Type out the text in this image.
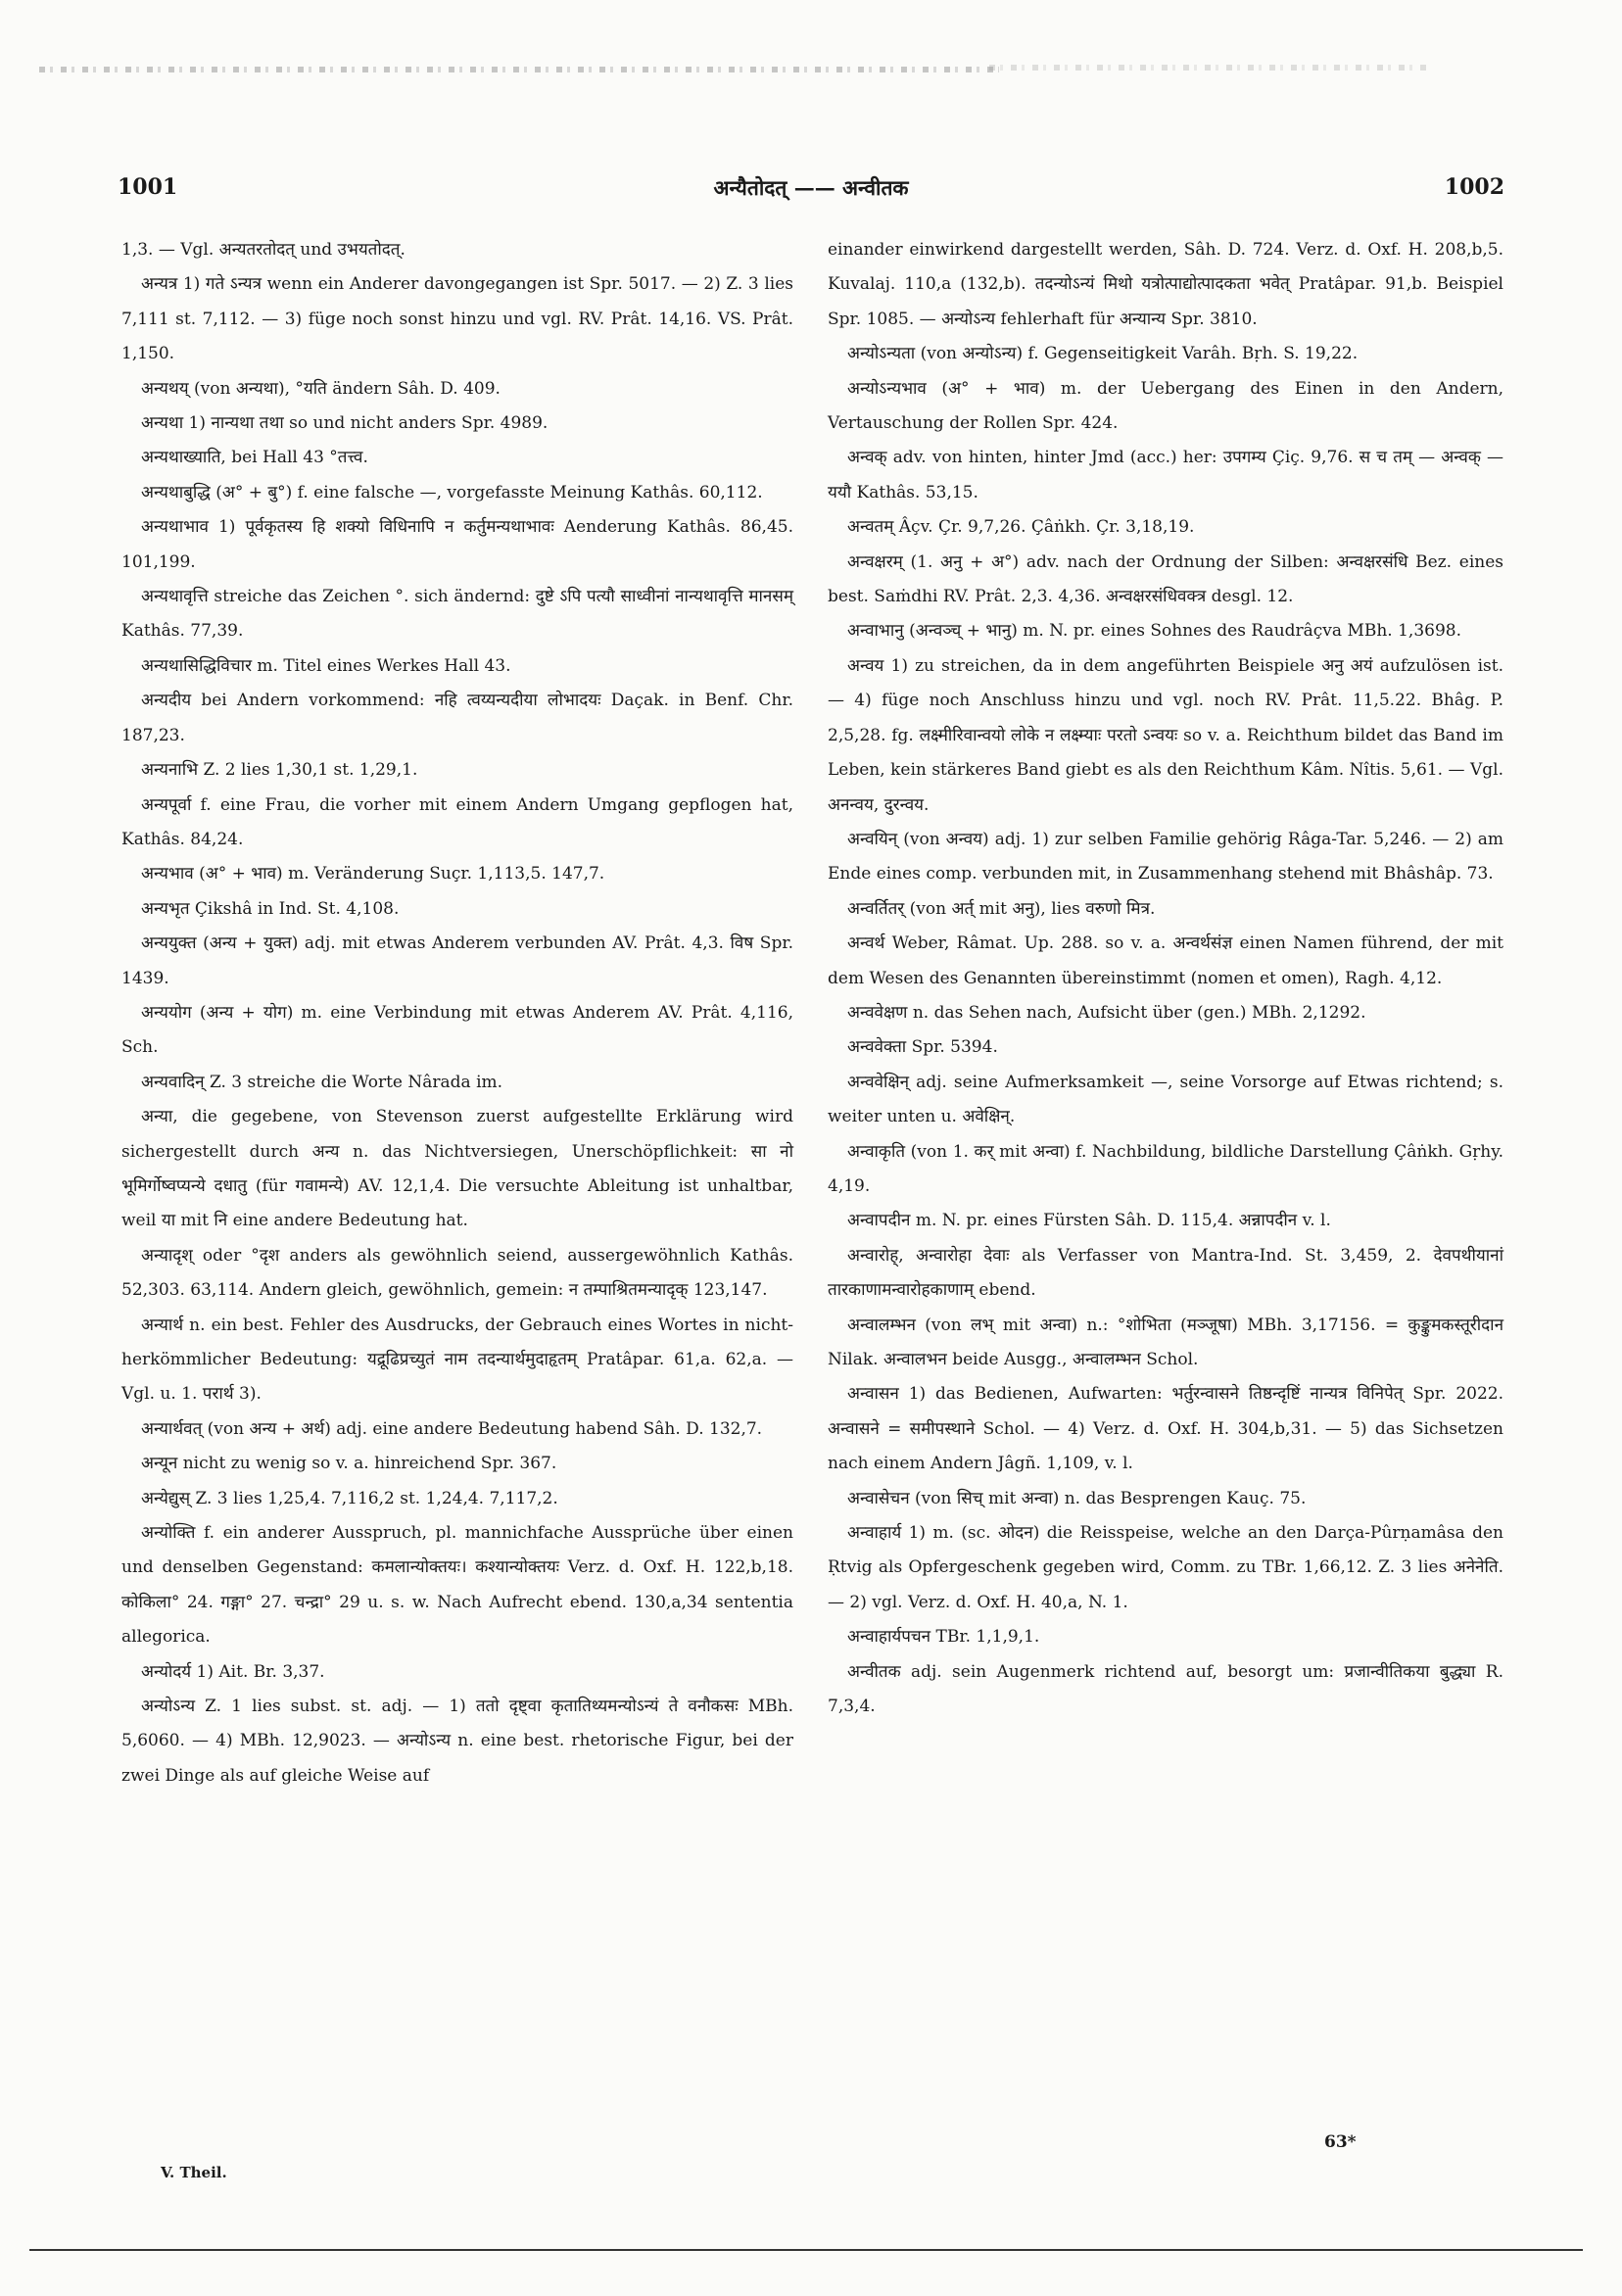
1001	अन्यैतोदत् —— अन्वीतक	1002

1,3. — Vgl. अन्यतरतोदत् und उभयतोदत्.

अन्यत्र 1) गते ऽन्यत्र wenn ein Anderer davongegangen ist Spr. 5017. — 2) Z. 3 lies 7,111 st. 7,112. — 3) füge noch sonst hinzu und vgl. RV. Prât. 14,16. VS. Prât. 1,150.

अन्यथय् (von अन्यथा), °यति ändern Sâh. D. 409.

अन्यथा 1) नान्यथा तथा so und nicht anders Spr. 4989.

अन्यथाख्याति, bei Hall 43 °तत्त्व.

अन्यथाबुद्धि (अ° + बु°) f. eine falsche —, vorgefasste Meinung Kathâs. 60,112.

अन्यथाभाव 1) पूर्वकृतस्य हि शक्यो विधिनापि न कर्तुमन्यथाभावः Aenderung Kathâs. 86,45. 101,199.

अन्यथावृत्ति streiche das Zeichen °. sich ändernd: दुष्टे ऽपि पत्यौ साध्वीनां नान्यथावृत्ति मानसम् Kathâs. 77,39.

अन्यथासिद्धिविचार m. Titel eines Werkes Hall 43.

अन्यदीय bei Andern vorkommend: नहि त्वय्यन्यदीया लोभादयः Daçak. in Benf. Chr. 187,23.

अन्यनाभि Z. 2 lies 1,30,1 st. 1,29,1.

अन्यपूर्वा f. eine Frau, die vorher mit einem Andern Umgang gepflogen hat, Kathâs. 84,24.

अन्यभाव (अ° + भाव) m. Veränderung Suçr. 1,113,5. 147,7.

अन्यभृत Çikshâ in Ind. St. 4,108.

अन्ययुक्त (अन्य + युक्त) adj. mit etwas Anderem verbunden AV. Prât. 4,3. विष Spr. 1439.

अन्ययोग (अन्य + योग) m. eine Verbindung mit etwas Anderem AV. Prât. 4,116, Sch.

अन्यवादिन् Z. 3 streiche die Worte Nârada im.

अन्या, die gegebene, von Stevenson zuerst aufgestellte Erklärung wird sichergestellt durch अन्य n. das Nichtversiegen, Unerschöpflichkeit: सा नो भूमिर्गोष्वप्यन्ये दधातु (für गवामन्ये) AV. 12,1,4. Die versuchte Ableitung ist unhaltbar, weil या mit नि eine andere Bedeutung hat.

अन्यादृश् oder °दृश anders als gewöhnlich seiend, aussergewöhnlich Kathâs. 52,303. 63,114. Andern gleich, gewöhnlich, gemein: न तम्पाश्रितमन्यादृक् 123,147.

अन्यार्थ n. ein best. Fehler des Ausdrucks, der Gebrauch eines Wortes in nicht-herkömmlicher Bedeutung: यद्रूढिप्रच्युतं नाम तदन्यार्थमुदाहृतम् Pratâpar. 61,a. 62,a. — Vgl. u. 1. परार्थ 3).

अन्यार्थवत् (von अन्य + अर्थ) adj. eine andere Bedeutung habend Sâh. D. 132,7.

अन्यून nicht zu wenig so v. a. hinreichend Spr. 367.

अन्येद्युस् Z. 3 lies 1,25,4. 7,116,2 st. 1,24,4. 7,117,2.

अन्योक्ति f. ein anderer Ausspruch, pl. mannichfache Aussprüche über einen und denselben Gegenstand: कमलान्योक्तयः। कश्यान्योक्तयः Verz. d. Oxf. H. 122,b,18. कोकिला° 24. गङ्गा° 27. चन्द्रा° 29 u. s. w. Nach Aufrecht ebend. 130,a,34 sententia allegorica.

अन्योदर्य 1) Ait. Br. 3,37.

अन्योऽन्य Z. 1 lies subst. st. adj. — 1) ततो दृष्ट्वा कृतातिथ्यमन्योऽन्यं ते वनौकसः MBh. 5,6060. — 4) MBh. 12,9023. — अन्योऽन्य n. eine best. rhetorische Figur, bei der zwei Dinge als auf gleiche Weise auf

einander einwirkend dargestellt werden, Sâh. D. 724. Verz. d. Oxf. H. 208,b,5. Kuvalaj. 110,a (132,b). तदन्योऽन्यं मिथो यत्रोत्पाद्योत्पादकता भवेत् Pratâpar. 91,b. Beispiel Spr. 1085. — अन्योऽन्य fehlerhaft für अन्यान्य Spr. 3810.

अन्योऽन्यता (von अन्योऽन्य) f. Gegenseitigkeit Varâh. Bṛh. S. 19,22.

अन्योऽन्यभाव (अ° + भाव) m. der Uebergang des Einen in den Andern, Vertauschung der Rollen Spr. 424.

अन्वक् adv. von hinten, hinter Jmd (acc.) her: उपगम्य Çiç. 9,76. स च तम् — अन्वक् — ययौ Kathâs. 53,15.

अन्वतम् Âçv. Çr. 9,7,26. Çâṅkh. Çr. 3,18,19.

अन्वक्षरम् (1. अनु + अ°) adv. nach der Ordnung der Silben: अन्वक्षरसंधि Bez. eines best. Saṁdhi RV. Prât. 2,3. 4,36. अन्वक्षरसंधिवक्त्र desgl. 12.

अन्वाभानु (अन्वञ्च् + भानु) m. N. pr. eines Sohnes des Raudrâçva MBh. 1,3698.

अन्वय 1) zu streichen, da in dem angeführten Beispiele अनु अयं aufzulösen ist. — 4) füge noch Anschluss hinzu und vgl. noch RV. Prât. 11,5.22. Bhâg. P. 2,5,28. fg. लक्ष्मीरिवान्वयो लोके न लक्ष्म्याः परतो ऽन्वयः so v. a. Reichthum bildet das Band im Leben, kein stärkeres Band giebt es als den Reichthum Kâm. Nîtis. 5,61. — Vgl. अनन्वय, दुरन्वय.

अन्वयिन् (von अन्वय) adj. 1) zur selben Familie gehörig Râga-Tar. 5,246. — 2) am Ende eines comp. verbunden mit, in Zusammenhang stehend mit Bhâshâp. 73.

अन्वर्तितर् (von अर्त् mit अनु), lies वरुणो मित्र.

अन्वर्थ Weber, Râmat. Up. 288. so v. a. अन्वर्थसंज्ञ einen Namen führend, der mit dem Wesen des Genannten übereinstimmt (nomen et omen), Ragh. 4,12.

अन्ववेक्षण n. das Sehen nach, Aufsicht über (gen.) MBh. 2,1292.

अन्ववेक्ता Spr. 5394.

अन्ववेक्षिन् adj. seine Aufmerksamkeit —, seine Vorsorge auf Etwas richtend; s. weiter unten u. अवेक्षिन्.

अन्वाकृति (von 1. कर् mit अन्वा) f. Nachbildung, bildliche Darstellung Çâṅkh. Gṛhy. 4,19.

अन्वापदीन m. N. pr. eines Fürsten Sâh. D. 115,4. अन्नापदीन v. l.

अन्वारोह्, अन्वारोहा देवाः als Verfasser von Mantra-Ind. St. 3,459, 2. देवपथीयानां तारकाणामन्वारोहकाणाम् ebend.

अन्वालम्भन (von लभ् mit अन्वा) n.: °शोभिता (मञ्जूषा) MBh. 3,17156. = कुङ्कुमकस्तूरीदान Nilak. अन्वालभन beide Ausgg., अन्वालम्भन Schol.

अन्वासन 1) das Bedienen, Aufwarten: भर्तुरन्वासने तिष्ठन्दृष्टिं नान्यत्र विनिपेत् Spr. 2022. अन्वासने = समीपस्थाने Schol. — 4) Verz. d. Oxf. H. 304,b,31. — 5) das Sichsetzen nach einem Andern Jâgñ. 1,109, v. l.

अन्वासेचन (von सिच् mit अन्वा) n. das Besprengen Kauç. 75.

अन्वाहार्य 1) m. (sc. ओदन) die Reisspeise, welche an den Darça-Pûrṇamâsa den Ṛtvig als Opfergeschenk gegeben wird, Comm. zu TBr. 1,66,12. Z. 3 lies अनेनेति. — 2) vgl. Verz. d. Oxf. H. 40,a, N. 1.

अन्वाहार्यपचन TBr. 1,1,9,1.

अन्वीतक adj. sein Augenmerk richtend auf, besorgt um: प्रजान्वीतिकया बुद्ध्या R. 7,3,4.

V. Theil.
63*
